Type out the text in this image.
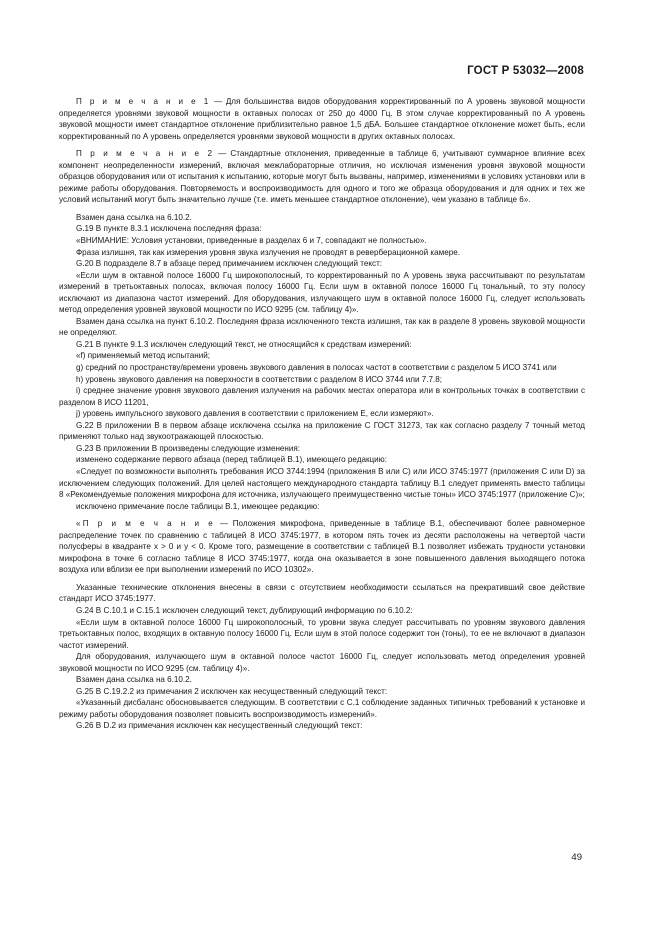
ГОСТ Р 53032—2008

П р и м е ч а н и е 1 — Для большинства видов оборудования корректированный по А уровень звуковой мощности определяется уровнями звуковой мощности в октавных полосах от 250 до 4000 Гц. В этом случае корректированный по А уровень звуковой мощности имеет стандартное отклонение приблизительно равное 1,5 дБА. Большее стандартное отклонение может быть, если корректированный по А уровень определяется уровнями звуковой мощности в других октавных полосах.

П р и м е ч а н и е 2 — Стандартные отклонения, приведенные в таблице 6, учитывают суммарное влияние всех компонент неопределенности измерений, включая межлабораторные отличия, но исключая изменения уровня звуковой мощности образцов оборудования или от испытания к испытанию, которые могут быть вызваны, например, изменениями в условиях установки или в режиме работы оборудования. Повторяемость и воспроизводимость для одного и того же образца оборудования и для одних и тех же условий испытаний могут быть значительно лучше (т.е. иметь меньшее стандартное отклонение), чем указано в таблице 6».

Взамен дана ссылка на 6.10.2.

G.19 В пункте 8.3.1 исключена последняя фраза:

«ВНИМАНИЕ: Условия установки, приведенные в разделах 6 и 7, совпадают не полностью».

Фраза излишня, так как измерения уровня звука излучения не проводят в реверберационной камере.

G.20 В подразделе 8.7 в абзаце перед примечанием исключен следующий текст:

«Если шум в октавной полосе 16000 Гц широкополосный, то корректированный по А уровень звука рассчитывают по результатам измерений в третьоктавных полосах, включая полосу 16000 Гц. Если шум в октавной полосе 16000 Гц тональный, то эту полосу исключают из диапазона частот измерений. Для оборудования, излучающего шум в октавной полосе 16000 Гц, следует использовать метод определения уровней звуковой мощности по ИСО 9295 (см. таблицу 4)».

Взамен дана ссылка на пункт 6.10.2. Последняя фраза исключенного текста излишня, так как в разделе 8 уровень звуковой мощности не определяют.

G.21 В пункте 9.1.3 исключен следующий текст, не относящийся к средствам измерений:

«f) применяемый метод испытаний;

g) средний по пространству/времени уровень звукового давления в полосах частот в соответствии с разделом 5 ИСО 3741 или

h) уровень звукового давления на поверхности в соответствии с разделом 8 ИСО 3744 или 7.7.8;

i) среднее значение уровня звукового давления излучения на рабочих местах оператора или в контрольных точках в соответствии с разделом 8 ИСО 11201,

j) уровень импульсного звукового давления в соответствии с приложением Е, если измеряют».

G.22 В приложении В в первом абзаце исключена ссылка на приложение С ГОСТ 31273, так как согласно разделу 7 точный метод применяют только над звукоотражающей плоскостью.

G.23 В приложении В произведены следующие изменения:

изменено содержание первого абзаца (перед таблицей В.1), имеющего редакцию:

«Следует по возможности выполнять требования ИСО 3744:1994 (приложения В или С) или ИСО 3745:1977 (приложения С или D) за исключением следующих положений. Для целей настоящего международного стандарта таблицу В.1 следует применять вместо таблицы 8 «Рекомендуемые положения микрофона для источника, излучающего преимущественно чистые тоны» ИСО 3745:1977 (приложение С)»;

исключено примечание после таблицы В.1, имеющее редакцию:

«П р и м е ч а н и е — Положения микрофона, приведенные в таблице В.1, обеспечивают более равномерное распределение точек по сравнению с таблицей 8 ИСО 3745:1977, в котором пять точек из десяти расположены на четвертой части полусферы в квадранте х > 0 и у < 0. Кроме того, размещение в соответствии с таблицей В.1 позволяет избежать трудности установки микрофона в точке 6 согласно таблице 8 ИСО 3745:1977, когда она оказывается в зоне повышенного давления выходящего потока воздуха или вблизи ее при выполнении измерений по ИСО 10302».

Указанные технические отклонения внесены в связи с отсутствием необходимости ссылаться на прекративший свое действие стандарт ИСО 3745:1977.

G.24 В С.10.1 и С.15.1 исключен следующий текст, дублирующий информацию по 6.10.2:

«Если шум в октавной полосе 16000 Гц широкополосный, то уровни звука следует рассчитывать по уровням звукового давления третьоктавных полос, входящих в октавную полосу 16000 Гц. Если шум в этой полосе содержит тон (тоны), то ее не включают в диапазон частот измерений.

Для оборудования, излучающего шум в октавной полосе частот 16000 Гц, следует использовать метод определения уровней звуковой мощности по ИСО 9295 (см. таблицу 4)».

Взамен дана ссылка на 6.10.2.

G.25 В С.19.2.2 из примечания 2 исключен как несущественный следующий текст:

«Указанный дисбаланс обосновывается следующим. В соответствии с С.1 соблюдение заданных типичных требований к установке и режиму работы оборудования позволяет повысить воспроизводимость измерений».

G.26 В D.2 из примечания исключен как несущественный следующий текст:

49
